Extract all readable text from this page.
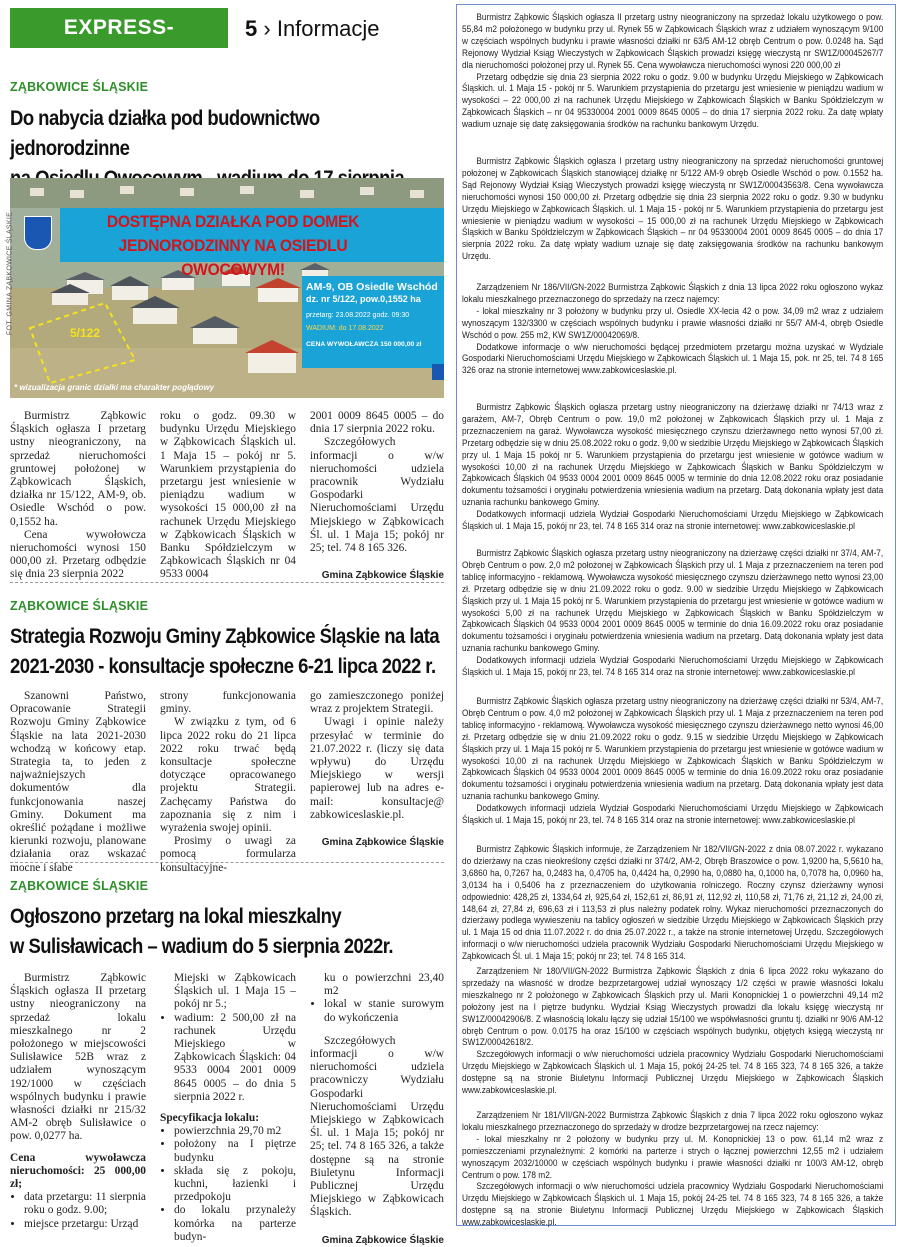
EXPRESS-MIEJSKI.PL
5 › Informacje
ZĄBKOWICE ŚLĄSKIE
Do nabycia działka pod budownictwo jednorodzinne
DOSTĘPNA DZIAŁKA POD DOMEK
JEDNORODZINNY NA OSIEDLU OWOCOWYM!
5/122
AM-9, OB Osiedle Wschód
dz. nr 5/122, pow.0,1552 ha
przetarg: 23.08.2022 godz. 09:30
WADIUM: do 17.08.2022
CENA WYWOŁAWCZA 150 000,00 zł
* wizualizacja granic działki ma charakter poglądowy
FOT. GMINA ZĄBKOWICE ŚLĄSKIE

Burmistrz Ząbkowic Śląskich ogłasza I przetarg ustny nieograniczony, na sprzedaż nieruchomości gruntowej położonej w Ząbkowicach Śląskich, działka nr 15/122, AM-9, ob. Osiedle Wschód o pow. 0,1552 ha.

Cena wywołowcza nieruchomości wynosi 150 000,00 zł. Przetarg odbędzie się dnia 23 sierpnia 2022

roku o godz. 09.30 w budynku Urzędu Miejskiego w Ząbkowicach Śląskich ul. 1 Maja 15 – pokój nr 5. Warunkiem przystąpienia do przetargu jest wniesienie w pieniądzu wadium w wysokości 15 000,00 zł na rachunek Urzędu Miejskiego w Ząbkowicach Śląskich w Banku Spółdzielczym w Ząbkowicach Śląskich nr 04 9533 0004

2001 0009 8645 0005 – do dnia 17 sierpnia 2022 roku.

Szczegółowych informacji o w/w nieruchomości udziela pracownik Wydziału Gospodarki Nieruchomościami Urzędu Miejskiego w Ząbkowicach Śl. ul. 1 Maja 15; pokój nr 25; tel. 74 8 165 326.

Gmina Ząbkowice Śląskie
ZĄBKOWICE ŚLĄSKIE
Strategia Rozwoju Gminy Ząbkowice Śląskie na lata
2021-2030 - konsultacje społeczne 6-21 lipca 2022 r.

Szanowni Państwo, Opracowanie Strategii Rozwoju Gminy Ząbkowice Śląskie na lata 2021-2030 wchodzą w końcowy etap. Strategia ta, to jeden z najważniejszych dokumentów dla funkcjonowania naszej Gminy. Dokument ma określić pożądane i możliwe kierunki rozwoju, planowane działania oraz wskazać mocne i słabe

strony funkcjonowania gminy.

W związku z tym, od 6 lipca 2022 roku do 21 lipca 2022 roku trwać będą konsultacje społeczne dotyczące opracowanego projektu Strategii. Zachęcamy Państwa do zapoznania się z nim i wyrażenia swojej opinii.

Prosimy o uwagi za pomocą formularza konsultacyjne-

go zamieszczonego poniżej wraz z projektem Strategii.

Uwagi i opinie należy przesyłać w terminie do 21.07.2022 r. (liczy się data wpływu) do Urzędu Miejskiego w wersji papierowej lub na adres e-mail: konsultacje@ zabkowiceslaskie.pl.

Gmina Ząbkowice Śląskie
ZĄBKOWICE ŚLĄSKIE
Ogłoszono przetarg na lokal mieszkalny
w Sulisławicach – wadium do 5 sierpnia 2022r.

Burmistrz Ząbkowic Śląskich ogłasza II przetarg ustny nieograniczony na sprzedaż lokalu mieszkalnego nr 2 położonego w miejscowości Sulisławice 52B wraz z udziałem wynoszącym 192/1000 w częściach wspólnych budynku i prawie własności działki nr 215/32 AM-2 obręb Sulisławice o pow. 0,0277 ha.

Cena wywoławcza nieruchomości: 25 000,00 zł;

• data przetargu: 11 sierpnia roku o godz. 9.00;
• miejsce przetargu: Urząd

Miejski w Ząbkowicach Śląskich ul. 1 Maja 15 – pokój nr 5.;

• wadium: 2 500,00 zł na rachunek Urzędu Miejskiego w Ząbkowicach Śląskich: 04 9533 0004 2001 0009 8645 0005 – do dnia 5 sierpnia 2022 r.

Specyfikacja lokalu:

• powierzchnia 29,70 m2
• położony na I piętrze budynku
• składa się z pokoju, kuchni, łazienki i przedpokoju
• do lokalu przynależy komórka na parterze budyn-

ku o powierzchni 23,40 m2

• lokal w stanie surowym do wykończenia

Szczegółowych informacji o w/w nieruchomości udziela pracowniczy Wydziału Gospodarki Nieruchomościami Urzędu Miejskiego w Ząbkowicach Śl. ul. 1 Maja 15; pokój nr 25; tel. 74 8 165 326, a także dostępne są na stronie Biuletynu Informacji Publicznej Urzędu Miejskiego w Ząbkowicach Śląskich.

Gmina Ząbkowice Śląskie

Burmistrz Ząbkowic Śląskich ogłasza II przetarg ustny nieograniczony na sprzedaż lokalu użytkowego o pow. 55,84 m2 położonego w budynku przy ul. Rynek 55 w Ząbkowicach Śląskich wraz z udziałem wynoszącym 9/100 w częściach wspólnych budynku i prawie własności działki nr 63/5 AM-12 obręb Centrum o pow. 0.0248 ha. Sąd Rejonowy Wydział Ksiąg Wieczystych w Ząbkowicach Śląskich prowadzi księgę wieczystą nr SW1Z/00045267/7 dla nieruchomości położonej przy ul. Rynek 55. Cena wywoławcza nieruchomości wynosi 220 000,00 zł

Przetarg odbędzie się dnia 23 sierpnia 2022 roku o godz. 9.00 w budynku Urzędu Miejskiego w Ząbkowicach Śląskich. ul. 1 Maja 15 - pokój nr 5. Warunkiem przystąpienia do przetargu jest wniesienie w pieniądzu wadium w wysokości – 22 000,00 zł na rachunek Urzędu Miejskiego w Ząbkowicach Śląskich w Banku Spółdzielczym w Ząbkowicach Śląskich – nr 04 95330004 2001 0009 8645 0005 – do dnia 17 sierpnia 2022 roku. Za datę wpłaty wadium uznaje się datę zaksięgowania środków na rachunku bankowym Urzędu.

Burmistrz Ząbkowic Śląskich ogłasza I przetarg ustny nieograniczony na sprzedaż nieruchomości gruntowej położonej w Ząbkowicach Śląskich stanowiącej działkę nr 5/122 AM-9 obręb Osiedle Wschód o pow. 0.1552 ha. Sąd Rejonowy Wydział Ksiąg Wieczystych prowadzi księgę wieczystą nr SW1Z/00043563/8. Cena wywoławcza nieruchomości wynosi 150 000,00 zł. Przetarg odbędzie się dnia 23 sierpnia 2022 roku o godz. 9.30 w budynku Urzędu Miejskiego w Ząbkowicach Śląskich. ul. 1 Maja 15 - pokój nr 5. Warunkiem przystąpienia do przetargu jest wniesienie w pieniądzu wadium w wysokości – 15 000,00 zł na rachunek Urzędu Miejskiego w Ząbkowicach Śląskich w Banku Spółdzielczym w Ząbkowicach Śląskich – nr 04 95330004 2001 0009 8645 0005 – do dnia 17 sierpnia 2022 roku. Za datę wpłaty wadium uznaje się datę zaksięgowania środków na rachunku bankowym Urzędu.

Zarządzeniem Nr 186/VII/GN-2022 Burmistrza Ząbkowic Śląskich z dnia 13 lipca 2022 roku ogłoszono wykaz lokalu mieszkalnego przeznaczonego do sprzedaży na rzecz najemcy:

- lokal mieszkalny nr 3 położony w budynku przy ul. Osiedle XX-lecia 42 o pow. 34,09 m2 wraz z udziałem wynoszącym 132/3300 w częściach wspólnych budynku i prawie własności działki nr 55/7 AM-4, obręb Osiedle Wschód o pow. 255 m2, KW SW1Z/00042069/8.

Dodatkowe informacje o w/w nieruchomości będącej przedmiotem przetargu można uzyskać w Wydziale Gospodarki Nieruchomościami Urzędu Miejskiego w Ząbkowicach Śląskich ul. 1 Maja 15, pok. nr 25, tel. 74 8 165 326 oraz na stronie internetowej www.zabkowiceslaskie.pl.

Burmistrz Ząbkowic Śląskich ogłasza przetarg ustny nieograniczony na dzierżawę działki nr 74/13 wraz z garażem, AM-7, Obręb Centrum o pow. 19,0 m2 położonej w Ząbkowicach Śląskich przy ul. 1 Maja z przeznaczeniem na garaż. Wywoławcza wysokość miesięcznego czynszu dzierżawnego netto wynosi 57,00 zł. Przetarg odbędzie się w dniu 25.08.2022 roku o godz. 9,00 w siedzibie Urzędu Miejskiego w Ząbkowicach Śląskich przy ul. 1 Maja 15 pokój nr 5. Warunkiem przystąpienia do przetargu jest wniesienie w gotówce wadium w wysokości 10,00 zł na rachunek Urzędu Miejskiego w Ząbkowicach Śląskich w Banku Spółdzielczym w Ząbkowicach Śląskich 04 9533 0004 2001 0009 8645 0005 w terminie do dnia 12.08.2022 roku oraz posiadanie dokumentu tożsamości i oryginału potwierdzenia wniesienia wadium na przetarg. Datą dokonania wpłaty jest data uznania rachunku bankowego Gminy.

Dodatkowych informacji udziela Wydział Gospodarki Nieruchomościami Urzędu Miejskiego w Ząbkowicach Śląskich ul. 1 Maja 15, pokój nr 23, tel. 74 8 165 314 oraz na stronie internetowej: www.zabkowiceslaskie.pl

Burmistrz Ząbkowic Śląskich ogłasza przetarg ustny nieograniczony na dzierżawę części działki nr 37/4, AM-7, Obręb Centrum o pow. 2,0 m2 położonej w Ząbkowicach Śląskich przy ul. 1 Maja z przeznaczeniem na teren pod tablicę informacyjno - reklamową. Wywoławcza wysokość miesięcznego czynszu dzierżawnego netto wynosi 23,00 zł. Przetarg odbędzie się w dniu 21.09.2022 roku o godz. 9.00 w siedzibie Urzędu Miejskiego w Ząbkowicach Śląskich przy ul. 1 Maja 15 pokój nr 5. Warunkiem przystąpienia do przetargu jest wniesienie w gotówce wadium w wysokości 5,00 zł na rachunek Urzędu Miejskiego w Ząbkowicach Śląskich w Banku Spółdzielczym w Ząbkowicach Śląskich 04 9533 0004 2001 0009 8645 0005 w terminie do dnia 16.09.2022 roku oraz posiadanie dokumentu tożsamości i oryginału potwierdzenia wniesienia wadium na przetarg. Datą dokonania wpłaty jest data uznania rachunku bankowego Gminy.

Dodatkowych informacji udziela Wydział Gospodarki Nieruchomościami Urzędu Miejskiego w Ząbkowicach Śląskich ul. 1 Maja 15, pokój nr 23, tel. 74 8 165 314 oraz na stronie internetowej: www.zabkowiceslaskie.pl

Burmistrz Ząbkowic Śląskich ogłasza przetarg ustny nieograniczony na dzierżawę części działki nr 53/4, AM-7, Obręb Centrum o pow. 4,0 m2 położonej w Ząbkowicach Śląskich przy ul. 1 Maja z przeznaczeniem na teren pod tablicę informacyjno - reklamową. Wywoławcza wysokość miesięcznego czynszu dzierżawnego netto wynosi 46,00 zł. Przetarg odbędzie się w dniu 21.09.2022 roku o godz. 9.15 w siedzibie Urzędu Miejskiego w Ząbkowicach Śląskich przy ul. 1 Maja 15 pokój nr 5. Warunkiem przystąpienia do przetargu jest wniesienie w gotówce wadium w wysokości 10,00 zł na rachunek Urzędu Miejskiego w Ząbkowicach Śląskich w Banku Spółdzielczym w Ząbkowicach Śląskich 04 9533 0004 2001 0009 8645 0005 w terminie do dnia 16.09.2022 roku oraz posiadanie dokumentu tożsamości i oryginału potwierdzenia wniesienia wadium na przetarg. Datą dokonania wpłaty jest data uznania rachunku bankowego Gminy.

Dodatkowych informacji udziela Wydział Gospodarki Nieruchomościami Urzędu Miejskiego w Ząbkowicach Śląskich ul. 1 Maja 15, pokój nr 23, tel. 74 8 165 314 oraz na stronie internetowej: www.zabkowiceslaskie.pl

Burmistrz Ząbkowic Śląskich informuje, że Zarządzeniem Nr 182/VII/GN-2022 z dnia 08.07.2022 r. wykazano do dzierżawy na czas nieokreślony części działki nr 374/2, AM-2, Obręb Braszowice o pow. 1,9200 ha, 5,5610 ha, 3,6860 ha, 0,7267 ha, 0,2483 ha, 0,4705 ha, 0,4424 ha, 0,2990 ha, 0,0880 ha, 0,1000 ha, 0,7078 ha, 0,0960 ha, 3,0134 ha i 0,5406 ha z przeznaczeniem do użytkowania rolniczego. Roczny czynsz dzierżawny wynosi odpowiednio: 428,25 zł, 1334,64 zł, 925,64 zł, 152,61 zł, 86,91 zł, 112,92 zł, 110,58 zł, 71,76 zł, 21,12 zł, 24,00 zł, 148,64 zł, 27,84 zł, 696,63 zł i 113,53 zł plus należny podatek rolny. Wykaz nieruchomości przeznaczonych do dzierżawy podlega wywieszeniu na tablicy ogłoszeń w siedzibie Urzędu Miejskiego w Ząbkowicach Śląskich przy ul. 1 Maja 15 od dnia 11.07.2022 r. do dnia 25.07.2022 r., a także na stronie internetowej Urzędu. Szczegółowych informacji o w/w nieruchomości udziela pracownik Wydziału Gospodarki Nieruchomościami Urzędu Miejskiego w Ząbkowicach Śl. ul. 1 Maja 15; pokój nr 23; tel. 74 8 165 314.

Zarządzeniem Nr 180/VII/GN-2022 Burmistrza Ząbkowic Śląskich z dnia 6 lipca 2022 roku wykazano do sprzedaży na własność w drodze bezprzetargowej udział wynoszący 1/2 części w prawie własności lokalu mieszkalnego nr 2 położonego w Ząbkowicach Śląskich przy ul. Marii Konopnickiej 1 o powierzchni 49,14 m2 położony jest na I piętrze budynku. Wydział Ksiąg Wieczystych prowadzi dla lokalu księgę wieczystą nr SW1Z/00042906/8. Z własnością lokalu łączy się udział 15/100 we współwłasności gruntu tj. działki nr 90/6 AM-12 obręb Centrum o pow. 0.0175 ha oraz 15/100 w częściach wspólnych budynku, objętych księgą wieczystą nr SW1Z/00042618/2.

Szczegółowych informacji o w/w nieruchomości udziela pracownicy Wydziału Gospodarki Nieruchomościami Urzędu Miejskiego w Ząbkowicach Śląskich ul. 1 Maja 15, pokój 24-25 tel. 74 8 165 323, 74 8 165 326, a także dostępne są na stronie Biuletynu Informacji Publicznej Urzędu Miejskiego w Ząbkowicach Śląskich www.zabkowiceslaskie.pl.

Zarządzeniem Nr 181/VII/GN-2022 Burmistrza Ząbkowic Śląskich z dnia 7 lipca 2022 roku ogłoszono wykaz lokalu mieszkalnego przeznaczonego do sprzedaży w drodze bezprzetargowej na rzecz najemcy:

- lokal mieszkalny nr 2 położony w budynku przy ul. M. Konopnickiej 13 o pow. 61,14 m2 wraz z pomieszczeniami przynależnymi: 2 komórki na parterze i strych o łącznej powierzchni 12,55 m2 i udziałem wynoszącym 2032/10000 w częściach wspólnych budynku i prawie własności działki nr 100/3 AM-12, obręb Centrum o pow. 178 m2.

Szczegółowych informacji o w/w nieruchomości udziela pracownicy Wydziału Gospodarki Nieruchomościami Urzędu Miejskiego w Ząbkowicach Śląskich ul. 1 Maja 15, pokój 24-25 tel. 74 8 165 323, 74 8 165 326, a także dostępne są na stronie Biuletynu Informacji Publicznej Urzędu Miejskiego w Ząbkowicach Śląskich www.zabkowiceslaskie.pl.
